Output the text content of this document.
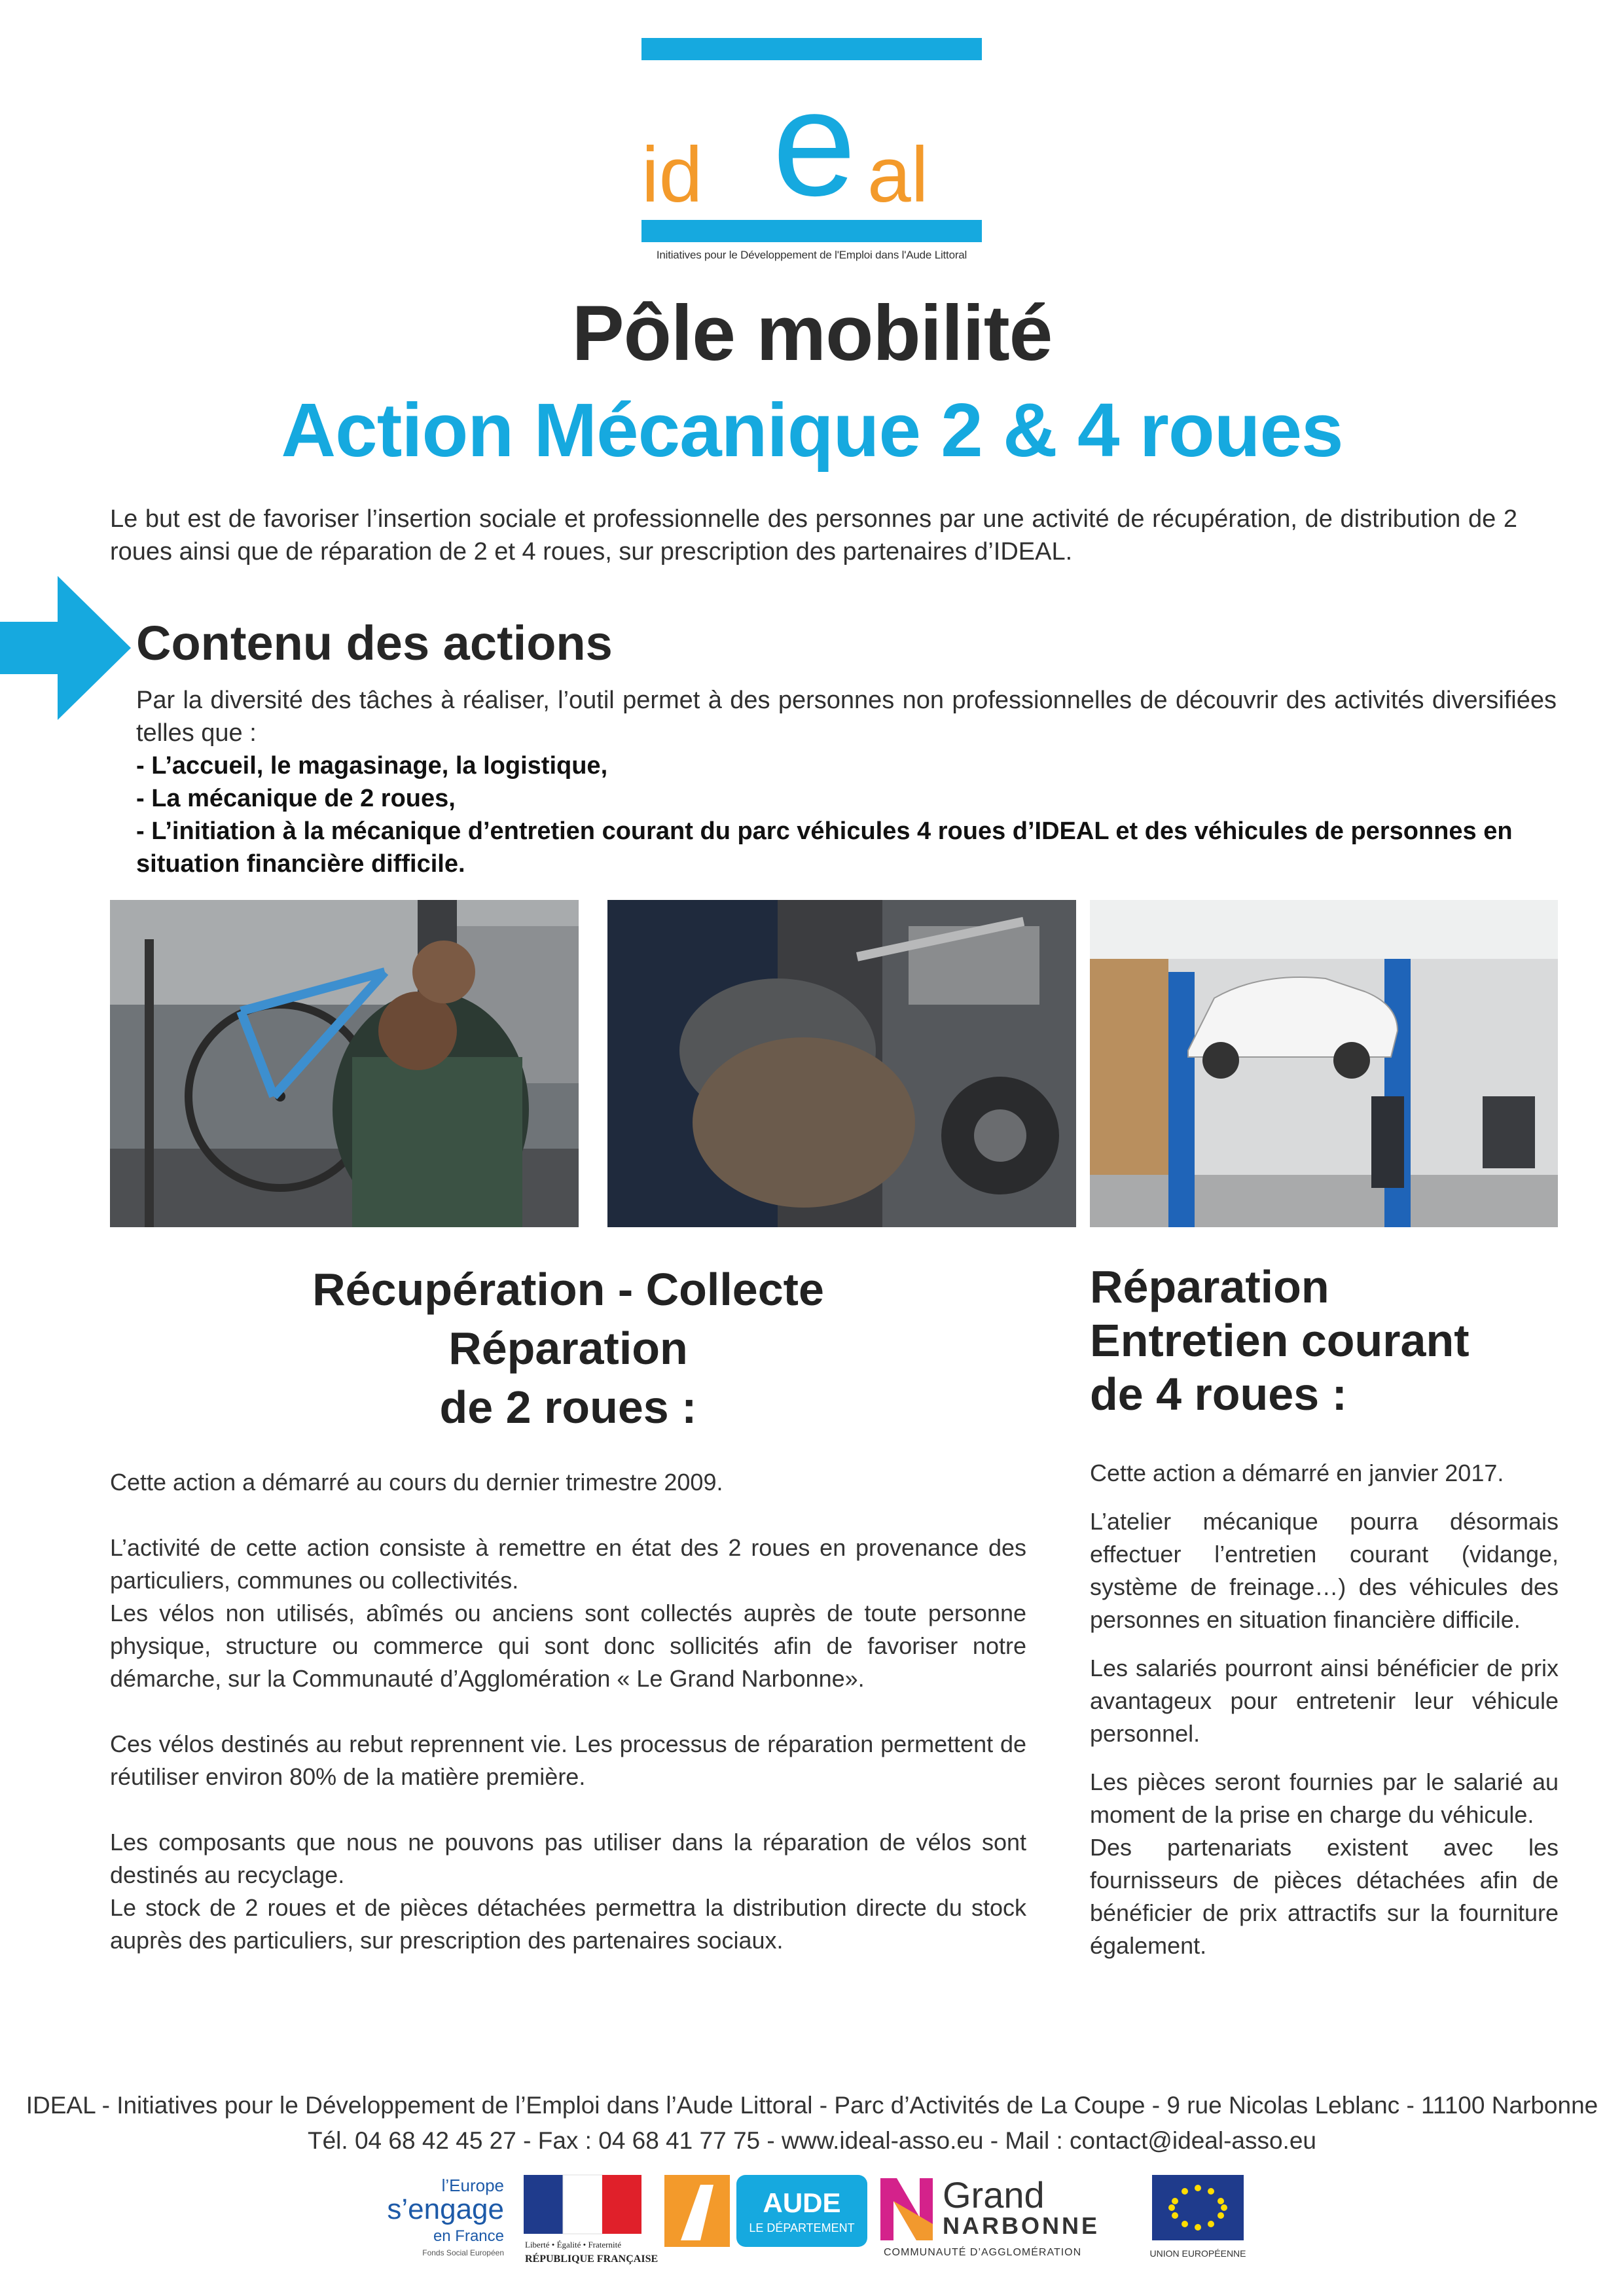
id e al
Initiatives pour le Développement de l'Emploi dans l'Aude Littoral
Pôle mobilité
Action Mécanique 2 & 4 roues

Le but est de favoriser l’insertion sociale et professionnelle des personnes par une activité de récupération, de distribution de 2 roues ainsi que de réparation de 2 et 4 roues, sur prescription des partenaires d’IDEAL.

Contenu des actions

Par la diversité des tâches à réaliser, l’outil permet à des personnes non professionnelles de découvrir des activités diversifiées telles que :

- L’accueil, le magasinage, la logistique,
- La mécanique de 2 roues,
- L’initiation à la mécanique d’entretien courant du parc véhicules 4 roues d’IDEAL et des véhicules de personnes en situation financière difficile.
Récupération - Collecte
Réparation
de 2 roues :

Cette action a démarré au cours du dernier trimestre 2009.

L’activité de cette action consiste à remettre en état des 2 roues en provenance des particuliers, communes ou collectivités.

Les vélos non utilisés, abîmés ou anciens sont collectés auprès de toute personne physique, structure ou commerce qui sont donc sollicités afin de favoriser notre démarche, sur la Communauté d’Agglomération « Le Grand Narbonne».

Ces vélos destinés au rebut reprennent vie. Les processus de réparation permettent de réutiliser environ 80% de la matière première.

Les composants que nous ne pouvons pas utiliser dans la réparation de vélos sont destinés au recyclage.

Le stock de 2 roues et de pièces détachées permettra la distribution directe du stock auprès des particuliers, sur prescription des partenaires sociaux.

Réparation
Entretien courant
de 4 roues :

Cette action a démarré en janvier 2017.

L’atelier mécanique pourra désormais effectuer l’entretien courant (vidange, système de freinage…) des véhicules des personnes en situation financière difficile.

Les salariés pourront ainsi bénéficier de prix avantageux pour entretenir leur véhicule personnel.

Les pièces seront fournies par le salarié au moment de la prise en charge du véhicule.

Des partenariats existent avec les fournisseurs de pièces détachées afin de bénéficier de prix attractifs sur la fourniture également.

IDEAL - Initiatives pour le Développement de l’Emploi dans l’Aude Littoral - Parc d’Activités de La Coupe - 9 rue Nicolas Leblanc - 11100 Narbonne
Tél. 04 68 42 45 27 - Fax : 04 68 41 77 75 - www.ideal-asso.eu - Mail : contact@ideal-asso.eu
l’Europe
s’engage
en France
Fonds Social Européen
Liberté • Égalité • Fraternité
RÉPUBLIQUE FRANÇAISE
AUDE
LE DÉPARTEMENT
Grand
NARBONNE
COMMUNAUTÉ D’AGGLOMÉRATION	UNION EUROPÉENNE
